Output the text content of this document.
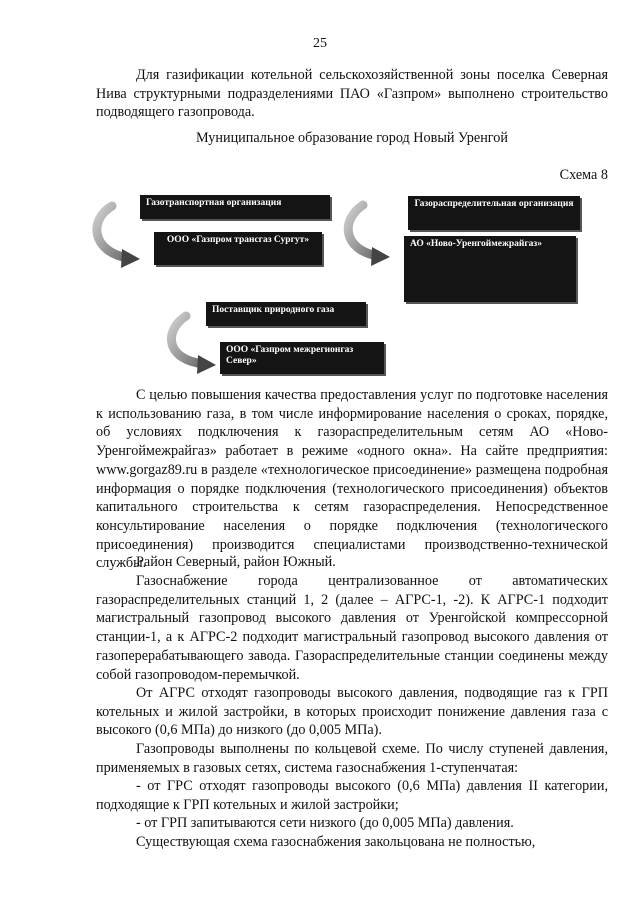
25

Для газификации котельной сельскохозяйственной зоны поселка Северная Нива структурными подразделениями ПАО «Газпром» выполнено строительство подводящего газопровода.

Муниципальное образование город Новый Уренгой
Схема 8
Газотранспортная организация
ООО «Газпром трансгаз Сургут»
Газораспределительная организация
АО «Ново-Уренгоймежрайгаз»
Поставщик природного газа
ООО «Газпром межрегионгаз Север»

С целью повышения качества предоставления услуг по подготовке населения к использованию газа, в том числе информирование населения о сроках, порядке, об условиях подключения к газораспределительным сетям АО «Ново-Уренгоймежрайгаз» работает в режиме «одного окна». На сайте предприятия: www.gorgaz89.ru в разделе «технологическое присоединение» размещена подробная информация о порядке подключения (технологического присоединения) объектов капитального строительства к сетям газораспределения. Непосредственное консультирование населения о порядке подключения (технологического присоединения) производится специалистами производственно-технической службы.

Район Северный, район Южный.

Газоснабжение города централизованное от автоматических газораспределительных станций 1, 2 (далее – АГРС-1, -2). К АГРС-1 подходит магистральный газопровод высокого давления от Уренгойской компрессорной станции-1, а к АГРС-2 подходит магистральный газопровод высокого давления от газоперерабатывающего завода. Газораспределительные станции соединены между собой газопроводом-перемычкой.

От АГРС отходят газопроводы высокого давления, подводящие газ к ГРП котельных и жилой застройки, в которых происходит понижение давления газа с высокого (0,6 МПа) до низкого (до 0,005 МПа).

Газопроводы выполнены по кольцевой схеме. По числу ступеней давления, применяемых в газовых сетях, система газоснабжения 1-ступенчатая:

- от ГРС отходят газопроводы высокого (0,6 МПа) давления II категории, подходящие к ГРП котельных и жилой застройки;

- от ГРП запитываются сети низкого (до 0,005 МПа) давления.

Существующая схема газоснабжения закольцована не полностью,
